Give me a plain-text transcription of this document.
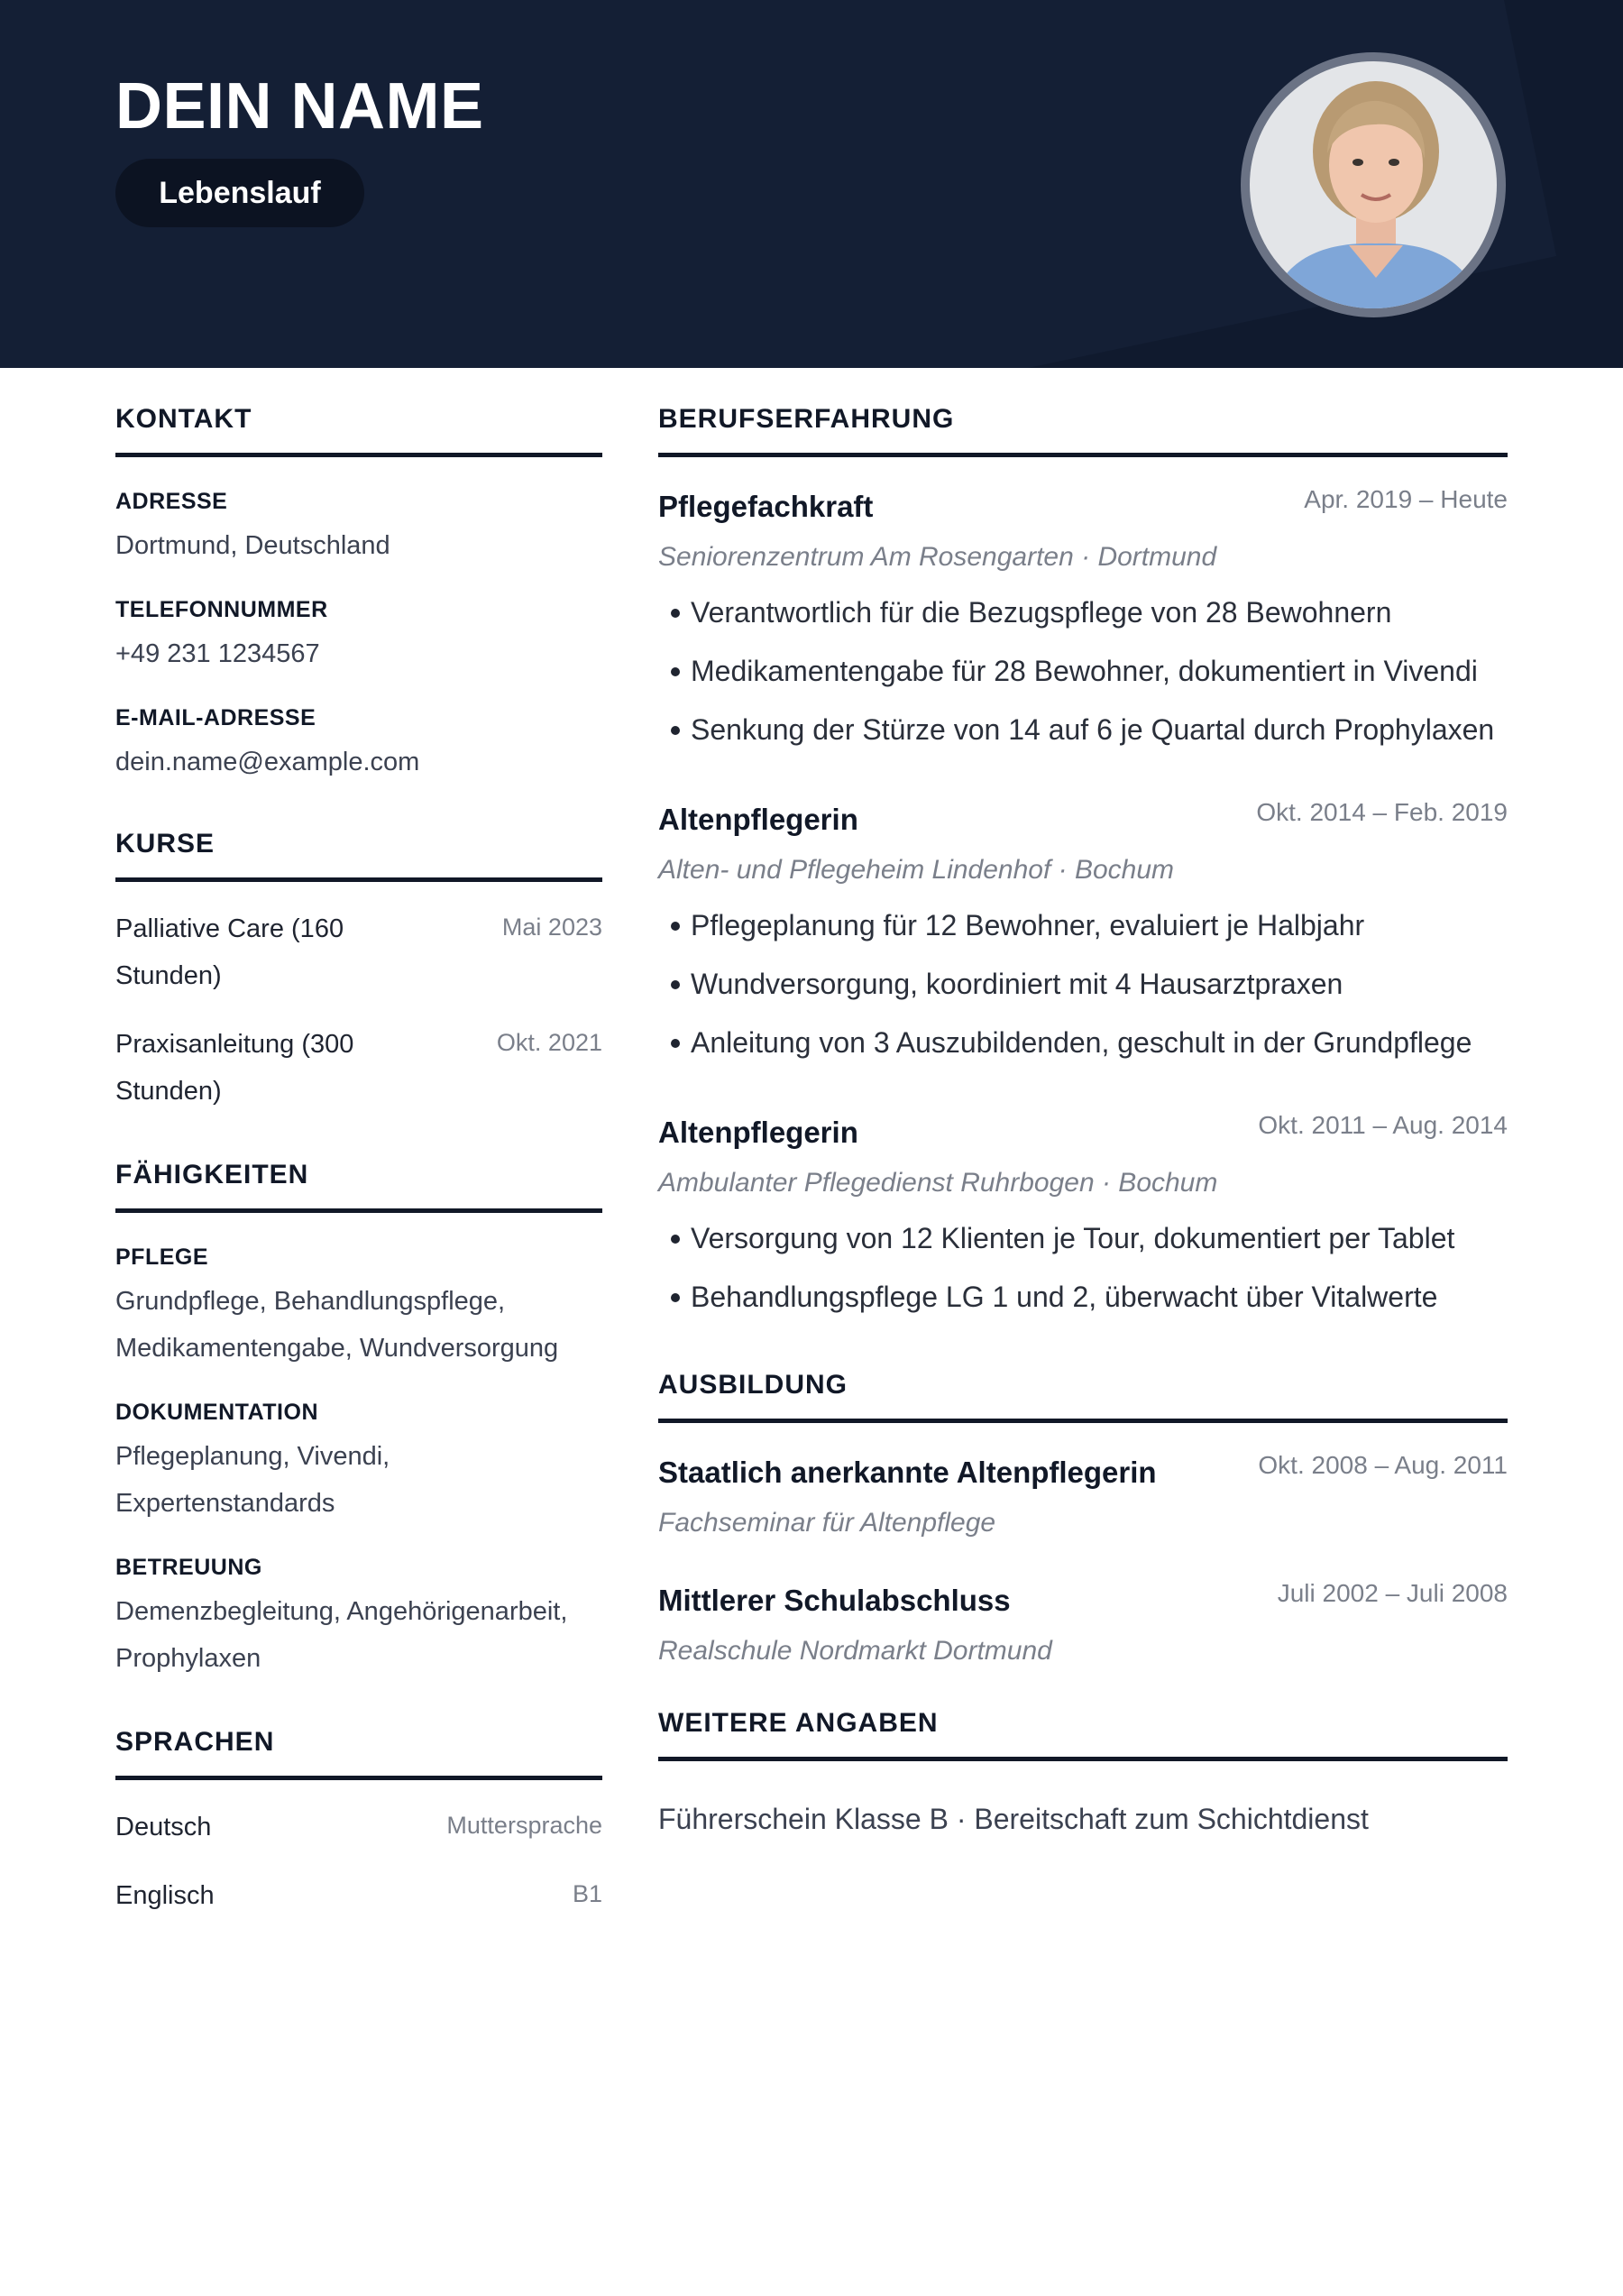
DEIN NAME
Lebenslauf
KONTAKT
ADRESSE
Dortmund, Deutschland
TELEFONNUMMER
+49 231 1234567
E-MAIL-ADRESSE
dein.name@example.com
KURSE
Palliative Care (160 Stunden)
Mai 2023
Praxisanleitung (300 Stunden)
Okt. 2021
FÄHIGKEITEN
PFLEGE
Grundpflege, Behandlungspflege, Medikamentengabe, Wundversorgung
DOKUMENTATION
Pflegeplanung, Vivendi, Expertenstandards
BETREUUNG
Demenzbegleitung, Angehörigenarbeit, Prophylaxen
SPRACHEN
Deutsch	Muttersprache
Englisch	B1
BERUFSERFAHRUNG
Pflegefachkraft	Apr. 2019 – Heute
Seniorenzentrum Am Rosengarten · Dortmund
Verantwortlich für die Bezugspflege von 28 Bewohnern
Medikamentengabe für 28 Bewohner, dokumentiert in Vivendi
Senkung der Stürze von 14 auf 6 je Quartal durch Prophylaxen
Altenpflegerin	Okt. 2014 – Feb. 2019
Alten- und Pflegeheim Lindenhof · Bochum
Pflegeplanung für 12 Bewohner, evaluiert je Halbjahr
Wundversorgung, koordiniert mit 4 Hausarztpraxen
Anleitung von 3 Auszubildenden, geschult in der Grundpflege
Altenpflegerin	Okt. 2011 – Aug. 2014
Ambulanter Pflegedienst Ruhrbogen · Bochum
Versorgung von 12 Klienten je Tour, dokumentiert per Tablet
Behandlungspflege LG 1 und 2, überwacht über Vitalwerte
AUSBILDUNG
Staatlich anerkannte Altenpflegerin	Okt. 2008 – Aug. 2011
Fachseminar für Altenpflege
Mittlerer Schulabschluss	Juli 2002 – Juli 2008
Realschule Nordmarkt Dortmund
WEITERE ANGABEN
Führerschein Klasse B · Bereitschaft zum Schichtdienst
